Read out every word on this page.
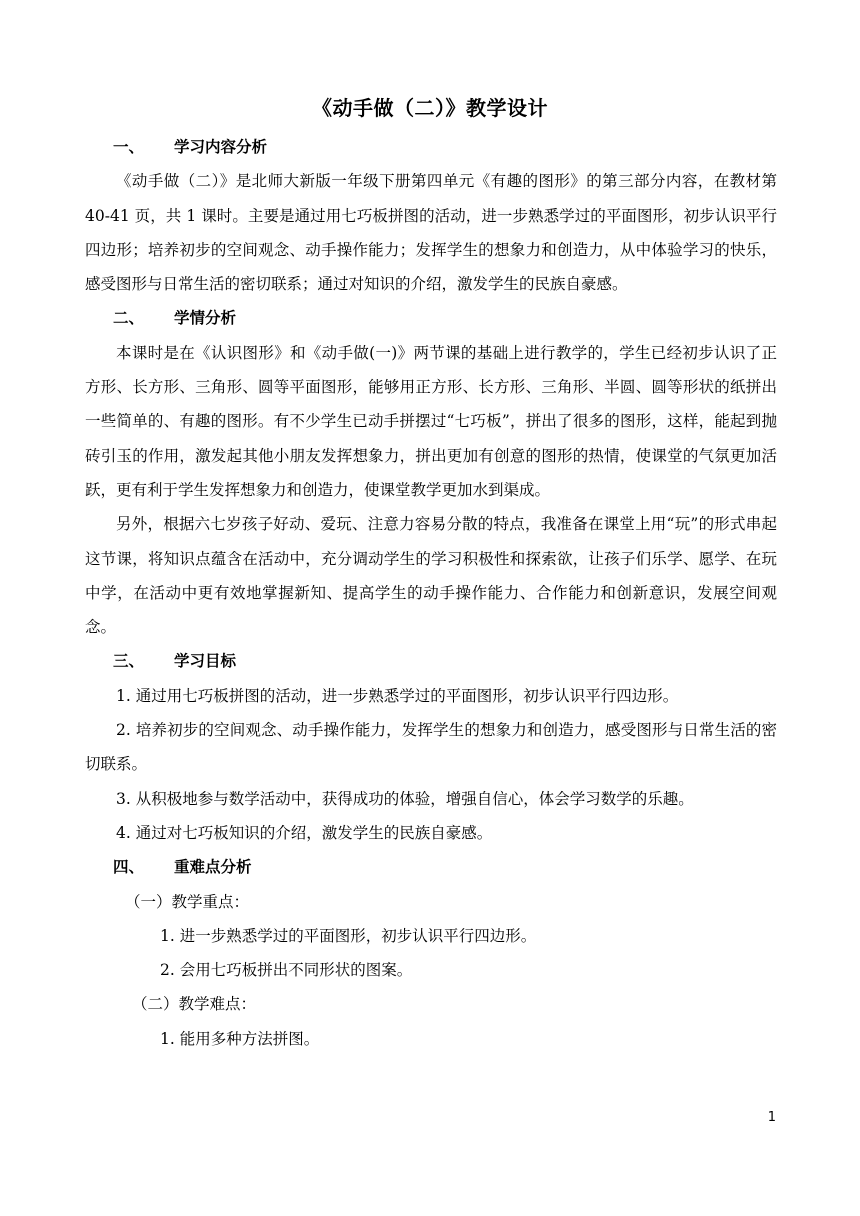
《动手做（二）》教学设计
一、 学习内容分析

《动手做（二）》是北师大新版一年级下册第四单元《有趣的图形》的第三部分内容，在教材第 40-41 页，共 1 课时。主要是通过用七巧板拼图的活动，进一步熟悉学过的平面图形，初步认识平行四边形；培养初步的空间观念、动手操作能力；发挥学生的想象力和创造力，从中体验学习的快乐，感受图形与日常生活的密切联系；通过对知识的介绍，激发学生的民族自豪感。

二、 学情分析

本课时是在《认识图形》和《动手做(一)》两节课的基础上进行教学的，学生已经初步认识了正方形、长方形、三角形、圆等平面图形，能够用正方形、长方形、三角形、半圆、圆等形状的纸拼出一些简单的、有趣的图形。有不少学生已动手拼摆过“七巧板”，拼出了很多的图形，这样，能起到抛砖引玉的作用，激发起其他小朋友发挥想象力，拼出更加有创意的图形的热情，使课堂的气氛更加活跃，更有利于学生发挥想象力和创造力，使课堂教学更加水到渠成。

另外，根据六七岁孩子好动、爱玩、注意力容易分散的特点，我准备在课堂上用“玩”的形式串起这节课，将知识点蕴含在活动中，充分调动学生的学习积极性和探索欲，让孩子们乐学、愿学、在玩中学，在活动中更有效地掌握新知、提高学生的动手操作能力、合作能力和创新意识，发展空间观念。

三、 学习目标

1. 通过用七巧板拼图的活动，进一步熟悉学过的平面图形，初步认识平行四边形。

2. 培养初步的空间观念、动手操作能力，发挥学生的想象力和创造力，感受图形与日常生活的密切联系。

3. 从积极地参与数学活动中，获得成功的体验，增强自信心，体会学习数学的乐趣。

4. 通过对七巧板知识的介绍，激发学生的民族自豪感。

四、 重难点分析
（一）教学重点：
1. 进一步熟悉学过的平面图形，初步认识平行四边形。
2. 会用七巧板拼出不同形状的图案。
（二）教学难点：
1. 能用多种方法拼图。
1
